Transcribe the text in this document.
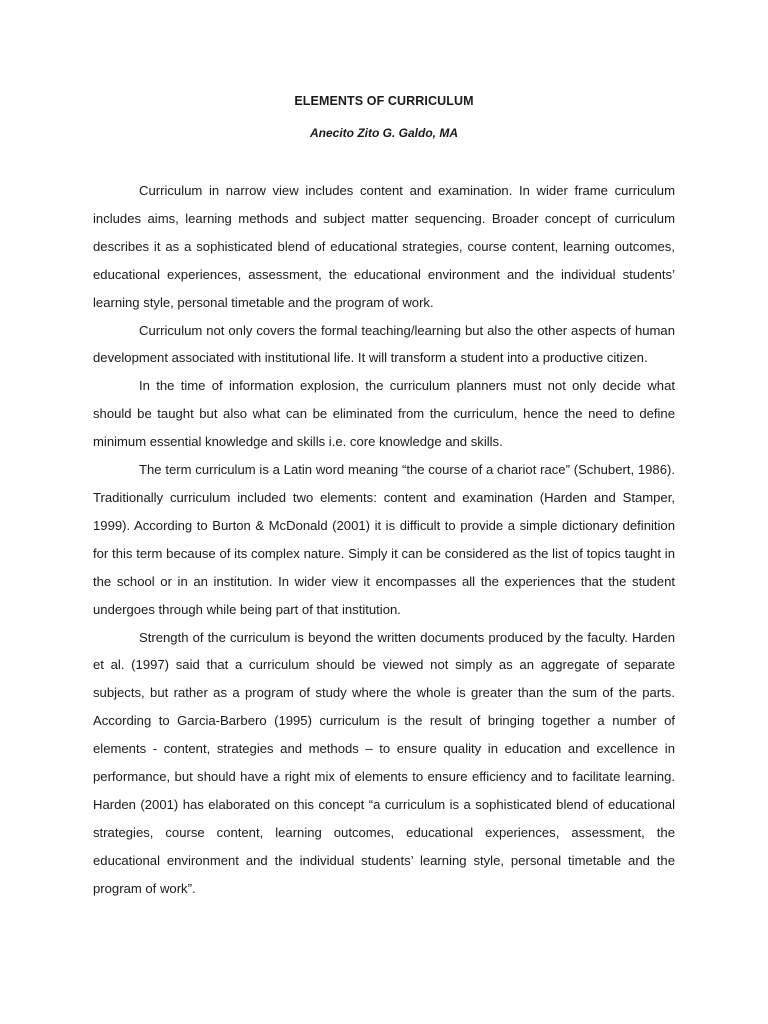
ELEMENTS OF CURRICULUM
Anecito Zito G. Galdo, MA

Curriculum in narrow view includes content and examination. In wider frame curriculum includes aims, learning methods and subject matter sequencing. Broader concept of curriculum describes it as a sophisticated blend of educational strategies, course content, learning outcomes, educational experiences, assessment, the educational environment and the individual students’ learning style, personal timetable and the program of work.

Curriculum not only covers the formal teaching/learning but also the other aspects of human development associated with institutional life. It will transform a student into a productive citizen.

In the time of information explosion, the curriculum planners must not only decide what should be taught but also what can be eliminated from the curriculum, hence the need to define minimum essential knowledge and skills i.e. core knowledge and skills.

The term curriculum is a Latin word meaning “the course of a chariot race” (Schubert, 1986). Traditionally curriculum included two elements: content and examination (Harden and Stamper, 1999). According to Burton & McDonald (2001) it is difficult to provide a simple dictionary definition for this term because of its complex nature. Simply it can be considered as the list of topics taught in the school or in an institution. In wider view it encompasses all the experiences that the student undergoes through while being part of that institution.

Strength of the curriculum is beyond the written documents produced by the faculty. Harden et al. (1997) said that a curriculum should be viewed not simply as an aggregate of separate subjects, but rather as a program of study where the whole is greater than the sum of the parts. According to Garcia-Barbero (1995) curriculum is the result of bringing together a number of elements - content, strategies and methods – to ensure quality in education and excellence in performance, but should have a right mix of elements to ensure efficiency and to facilitate learning. Harden (2001) has elaborated on this concept “a curriculum is a sophisticated blend of educational strategies, course content, learning outcomes, educational experiences, assessment, the educational environment and the individual students’ learning style, personal timetable and the program of work”.
